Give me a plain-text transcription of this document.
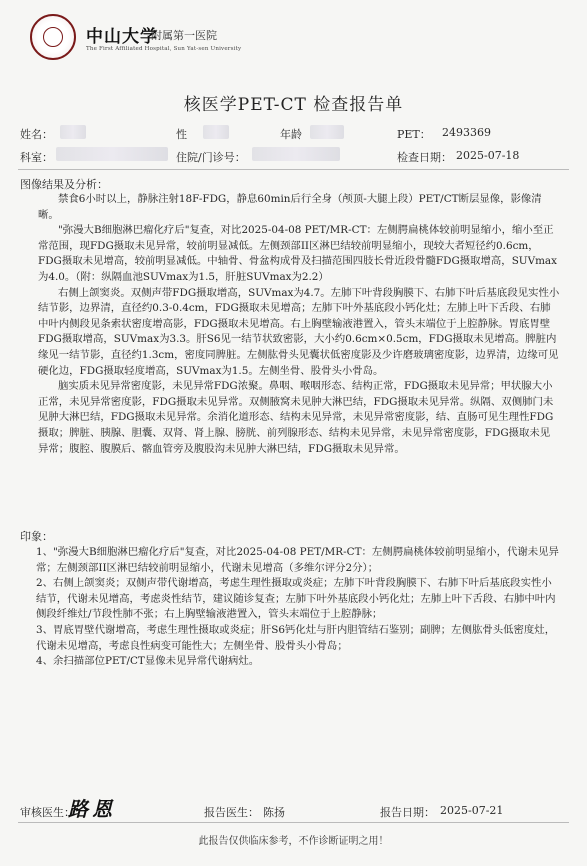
中山大学
附属第一医院
The First Affiliated Hospital, Sun Yat-sen University
核医学PET-CT 检查报告单
姓名：	性	年龄	PET： 2493369
科室：	住院/门诊号：	检查日期： 2025-07-18
图像结果及分析：

禁食6小时以上，静脉注射18F-FDG，静息60min后行全身（颅顶-大腿上段）PET/CT断层显像，影像清晰。

"弥漫大B细胞淋巴瘤化疗后"复查，对比2025-04-08 PET/MR-CT：左侧腭扁桃体较前明显缩小，缩小至正常范围，现FDG摄取未见异常，较前明显减低。左侧颈部II区淋巴结较前明显缩小，现较大者短径约0.6cm，FDG摄取未见增高，较前明显减低。中轴骨、骨盆构成骨及扫描范围四肢长骨近段骨髓FDG摄取增高，SUVmax为4.0。（附：纵隔血池SUVmax为1.5，肝脏SUVmax为2.2）

右侧上颌窦炎。双侧声带FDG摄取增高，SUVmax为4.7。左肺下叶背段胸膜下、右肺下叶后基底段见实性小结节影，边界清，直径约0.3-0.4cm，FDG摄取未见增高；左肺下叶外基底段小钙化灶；左肺上叶下舌段、右肺中叶内侧段见条索状密度增高影，FDG摄取未见增高。右上胸壁输液港置入，管头末端位于上腔静脉。胃底胃壁FDG摄取增高，SUVmax为3.3。肝S6见一结节状致密影，大小约0.6cm×0.5cm，FDG摄取未见增高。脾脏内缘见一结节影，直径约1.3cm，密度同脾脏。左侧肱骨头见囊状低密度影及少许磨玻璃密度影，边界清，边缘可见硬化边，FDG摄取轻度增高，SUVmax为1.5。左侧坐骨、股骨头小骨岛。

脑实质未见异常密度影，未见异常FDG浓聚。鼻咽、喉咽形态、结构正常，FDG摄取未见异常；甲状腺大小正常，未见异常密度影，FDG摄取未见异常。双侧腋窝未见肿大淋巴结，FDG摄取未见异常。纵隔、双侧肺门未见肿大淋巴结，FDG摄取未见异常。余消化道形态、结构未见异常，未见异常密度影，结、直肠可见生理性FDG摄取；脾脏、胰腺、胆囊、双肾、肾上腺、膀胱、前列腺形态、结构未见异常，未见异常密度影，FDG摄取未见异常；腹腔、腹膜后、髂血管旁及腹股沟未见肿大淋巴结，FDG摄取未见异常。

印象：

1、"弥漫大B细胞淋巴瘤化疗后"复查，对比2025-04-08 PET/MR-CT：左侧腭扁桃体较前明显缩小，代谢未见异常；左侧颈部II区淋巴结较前明显缩小，代谢未见增高（多维尔评分2分）；

2、右侧上颌窦炎；双侧声带代谢增高，考虑生理性摄取或炎症；左肺下叶背段胸膜下、右肺下叶后基底段实性小结节，代谢未见增高，考虑炎性结节，建议随诊复查；左肺下叶外基底段小钙化灶；左肺上叶下舌段、右肺中叶内侧段纤维灶/节段性肺不张；右上胸壁输液港置入，管头末端位于上腔静脉；

3、胃底胃壁代谢增高，考虑生理性摄取或炎症；肝S6钙化灶与肝内胆管结石鉴别；副脾；左侧肱骨头低密度灶，代谢未见增高，考虑良性病变可能性大；左侧坐骨、股骨头小骨岛；

4、余扫描部位PET/CT显像未见异常代谢病灶。

审核医生：
路恩	报告医生： 陈扬	报告日期： 2025-07-21
此报告仅供临床参考，不作诊断证明之用！
